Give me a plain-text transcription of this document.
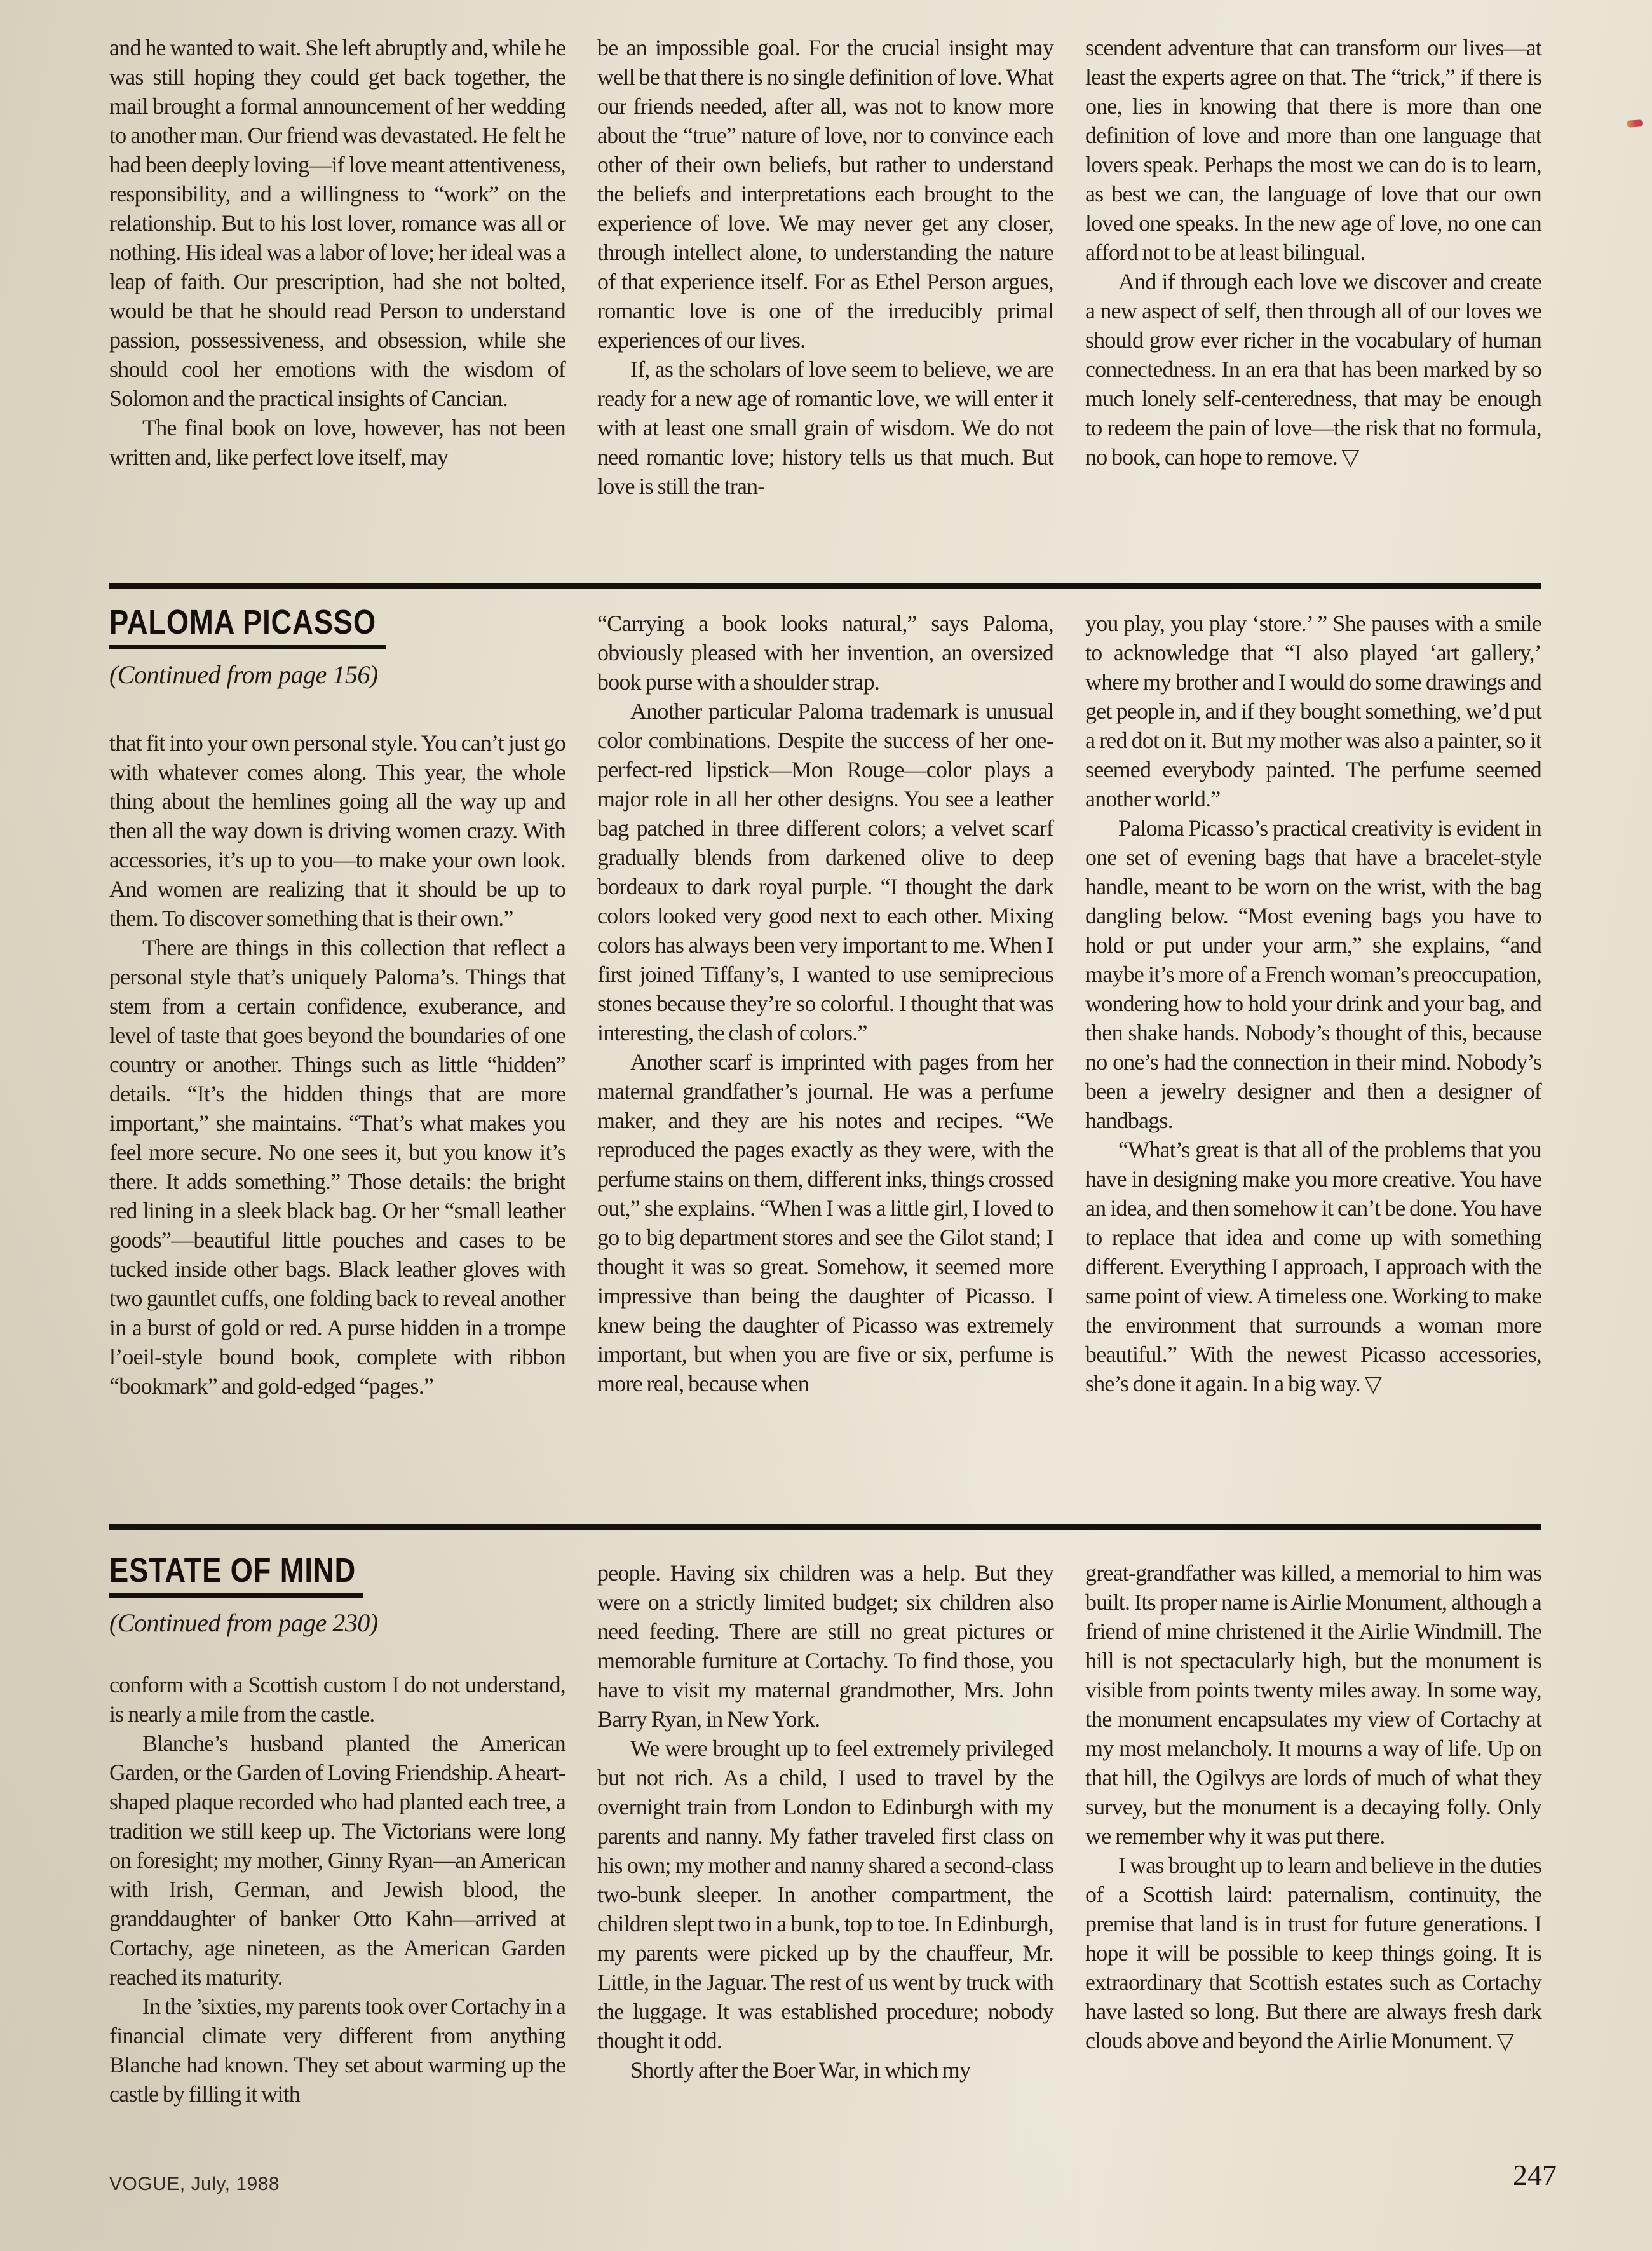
and he wanted to wait. She left abruptly and, while he was still hoping they could get back together, the mail brought a formal announcement of her wedding to another man. Our friend was devastated. He felt he had been deeply loving—if love meant attentiveness, responsibility, and a willingness to “work” on the relationship. But to his lost lover, romance was all or nothing. His ideal was a labor of love; her ideal was a leap of faith. Our prescription, had she not bolted, would be that he should read Person to understand passion, possessiveness, and obsession, while she should cool her emotions with the wisdom of Solomon and the practical insights of Cancian.

The final book on love, however, has not been written and, like perfect love itself, may

be an impossible goal. For the crucial insight may well be that there is no single definition of love. What our friends needed, after all, was not to know more about the “true” nature of love, nor to convince each other of their own beliefs, but rather to understand the beliefs and interpretations each brought to the experience of love. We may never get any closer, through intellect alone, to understanding the nature of that experience itself. For as Ethel Person argues, romantic love is one of the irreducibly primal experiences of our lives.

If, as the scholars of love seem to believe, we are ready for a new age of romantic love, we will enter it with at least one small grain of wisdom. We do not need romantic love; history tells us that much. But love is still the tran-

scendent adventure that can transform our lives—at least the experts agree on that. The “trick,” if there is one, lies in knowing that there is more than one definition of love and more than one language that lovers speak. Perhaps the most we can do is to learn, as best we can, the language of love that our own loved one speaks. In the new age of love, no one can afford not to be at least bilingual.

And if through each love we discover and create a new aspect of self, then through all of our loves we should grow ever richer in the vocabulary of human connectedness. In an era that has been marked by so much lonely self-centeredness, that may be enough to redeem the pain of love—the risk that no formula, no book, can hope to remove. ▽

PALOMA PICASSO

(Continued from page 156)

that fit into your own personal style. You can’t just go with whatever comes along. This year, the whole thing about the hemlines going all the way up and then all the way down is driving women crazy. With accessories, it’s up to you—to make your own look. And women are realizing that it should be up to them. To discover something that is their own.”

There are things in this collection that reflect a personal style that’s uniquely Paloma’s. Things that stem from a certain confidence, exuberance, and level of taste that goes beyond the boundaries of one country or another. Things such as little “hidden” details. “It’s the hidden things that are more important,” she maintains. “That’s what makes you feel more secure. No one sees it, but you know it’s there. It adds something.” Those details: the bright red lining in a sleek black bag. Or her “small leather goods”—beautiful little pouches and cases to be tucked inside other bags. Black leather gloves with two gauntlet cuffs, one folding back to reveal another in a burst of gold or red. A purse hidden in a trompe l’oeil-style bound book, complete with ribbon “bookmark” and gold-edged “pages.”

“Carrying a book looks natural,” says Paloma, obviously pleased with her invention, an oversized book purse with a shoulder strap.

Another particular Paloma trademark is unusual color combinations. Despite the success of her one-perfect-red lipstick—Mon Rouge—color plays a major role in all her other designs. You see a leather bag patched in three different colors; a velvet scarf gradually blends from darkened olive to deep bordeaux to dark royal purple. “I thought the dark colors looked very good next to each other. Mixing colors has always been very important to me. When I first joined Tiffany’s, I wanted to use semiprecious stones because they’re so colorful. I thought that was interesting, the clash of colors.”

Another scarf is imprinted with pages from her maternal grandfather’s journal. He was a perfume maker, and they are his notes and recipes. “We reproduced the pages exactly as they were, with the perfume stains on them, different inks, things crossed out,” she explains. “When I was a little girl, I loved to go to big department stores and see the Gilot stand; I thought it was so great. Somehow, it seemed more impressive than being the daughter of Picasso. I knew being the daughter of Picasso was extremely important, but when you are five or six, perfume is more real, because when

you play, you play ‘store.’ ” She pauses with a smile to acknowledge that “I also played ‘art gallery,’ where my brother and I would do some drawings and get people in, and if they bought something, we’d put a red dot on it. But my mother was also a painter, so it seemed everybody painted. The perfume seemed another world.”

Paloma Picasso’s practical creativity is evident in one set of evening bags that have a bracelet-style handle, meant to be worn on the wrist, with the bag dangling below. “Most evening bags you have to hold or put under your arm,” she explains, “and maybe it’s more of a French woman’s preoccupation, wondering how to hold your drink and your bag, and then shake hands. Nobody’s thought of this, because no one’s had the connection in their mind. Nobody’s been a jewelry designer and then a designer of handbags.

“What’s great is that all of the problems that you have in designing make you more creative. You have an idea, and then somehow it can’t be done. You have to replace that idea and come up with something different. Everything I approach, I approach with the same point of view. A timeless one. Working to make the environment that surrounds a woman more beautiful.” With the newest Picasso accessories, she’s done it again. In a big way. ▽

ESTATE OF MIND

(Continued from page 230)

conform with a Scottish custom I do not understand, is nearly a mile from the castle.

Blanche’s husband planted the American Garden, or the Garden of Loving Friendship. A heart-shaped plaque recorded who had planted each tree, a tradition we still keep up. The Victorians were long on foresight; my mother, Ginny Ryan—an American with Irish, German, and Jewish blood, the granddaughter of banker Otto Kahn—arrived at Cortachy, age nineteen, as the American Garden reached its maturity.

In the ’sixties, my parents took over Cortachy in a financial climate very different from anything Blanche had known. They set about warming up the castle by filling it with

people. Having six children was a help. But they were on a strictly limited budget; six children also need feeding. There are still no great pictures or memorable furniture at Cortachy. To find those, you have to visit my maternal grandmother, Mrs. John Barry Ryan, in New York.

We were brought up to feel extremely privileged but not rich. As a child, I used to travel by the overnight train from London to Edinburgh with my parents and nanny. My father traveled first class on his own; my mother and nanny shared a second-class two-bunk sleeper. In another compartment, the children slept two in a bunk, top to toe. In Edinburgh, my parents were picked up by the chauffeur, Mr. Little, in the Jaguar. The rest of us went by truck with the luggage. It was established procedure; nobody thought it odd.

Shortly after the Boer War, in which my

great-grandfather was killed, a memorial to him was built. Its proper name is Airlie Monument, although a friend of mine christened it the Airlie Windmill. The hill is not spectacularly high, but the monument is visible from points twenty miles away. In some way, the monument encapsulates my view of Cortachy at my most melancholy. It mourns a way of life. Up on that hill, the Ogilvys are lords of much of what they survey, but the monument is a decaying folly. Only we remember why it was put there.

I was brought up to learn and believe in the duties of a Scottish laird: paternalism, continuity, the premise that land is in trust for future generations. I hope it will be possible to keep things going. It is extraordinary that Scottish estates such as Cortachy have lasted so long. But there are always fresh dark clouds above and beyond the Airlie Monument. ▽

VOGUE, July, 1988	247
